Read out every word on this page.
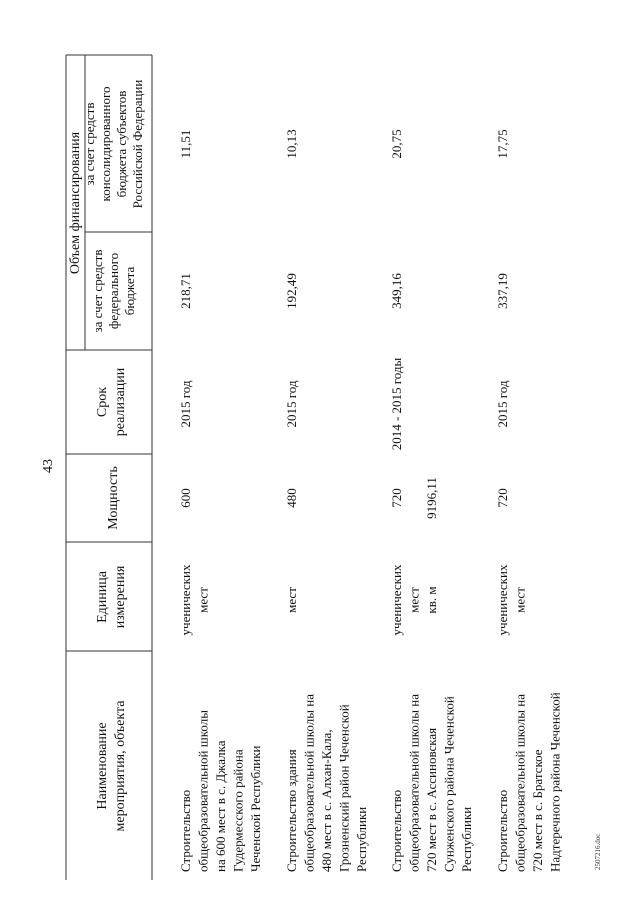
43
2507216.doc
Наименование мероприятия, объекта
Единица измерения
Мощность
Срок реализации
Объем финансирования
за счет средств федерального бюджета
за счет средств консолидированного бюджета субъектов Российской Федерации
Строительство общеобразовательной школы на 600 мест в с. Джалка Гудермесского района Чеченской Республики
ученических мест
600
2015 год
218,71
11,51
Строительство здания общеобразовательной школы на 480 мест в с. Алхан-Кала, Грозненский район Чеченской Республики
мест
480
2015 год
192,49
10,13
Строительство общеобразовательной школы на 720 мест в с. Ассиновская Сунженского района Чеченской Республики
ученических мест кв. м
720 9196,11
2014 - 2015 годы
349,16
20,75
Строительство общеобразовательной школы на 720 мест в с. Братское Надтеречного района Чеченской
ученических мест
720
2015 год
337,19
17,75
